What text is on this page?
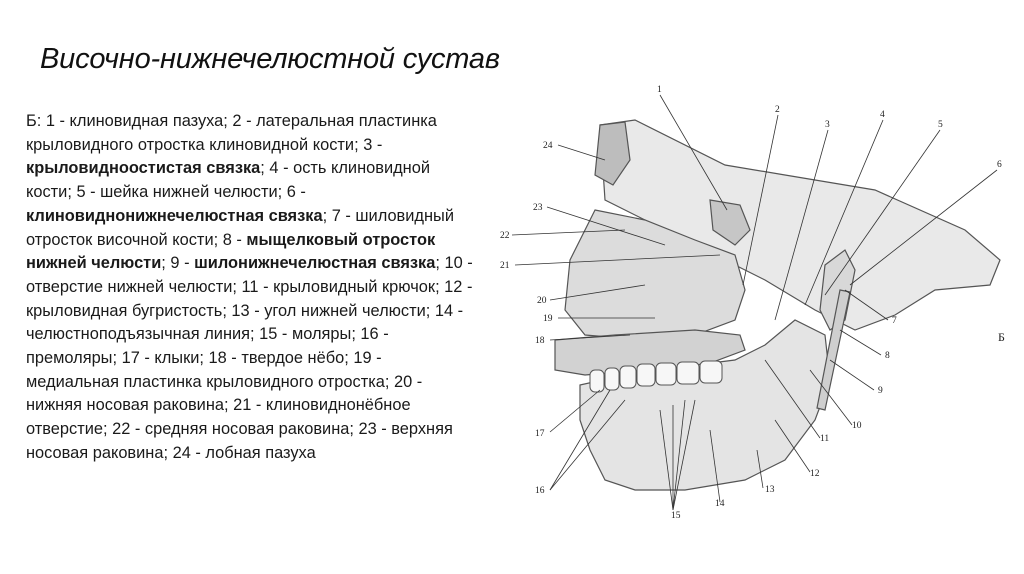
Височно-нижнечелюстной сустав
Б: 1 - клиновидная пазуха; 2 - латеральная пластинка крыловидного отростка клиновидной кости; 3 - крыловидноостистая связка; 4 - ость клиновидной кости; 5 - шейка нижней челюсти; 6 - клиновиднонижнечелюстная связка; 7 - шиловидный отросток височной кости; 8 - мыщелковый отросток нижней челюсти; 9 - шилонижнечелюстная связка; 10 - отверстие нижней челюсти; 11 - крыловидный крючок; 12 - крыловидная бугристость; 13 - угол нижней челюсти; 14 - челюстноподъязычная линия; 15 - моляры; 16 - премоляры; 17 - клыки; 18 - твердое нёбо; 19 - медиальная пластинка крыловидного отростка; 20 - нижняя носовая раковина; 21 - клиновиднонёбное отверстие; 22 - средняя носовая раковина; 23 - верхняя носовая раковина; 24 - лобная пазуха
1
2
3
4
5
6
7
8
9
10
11
12
13
14
15
16
17
18
19
20
21
22
23
24
Б
